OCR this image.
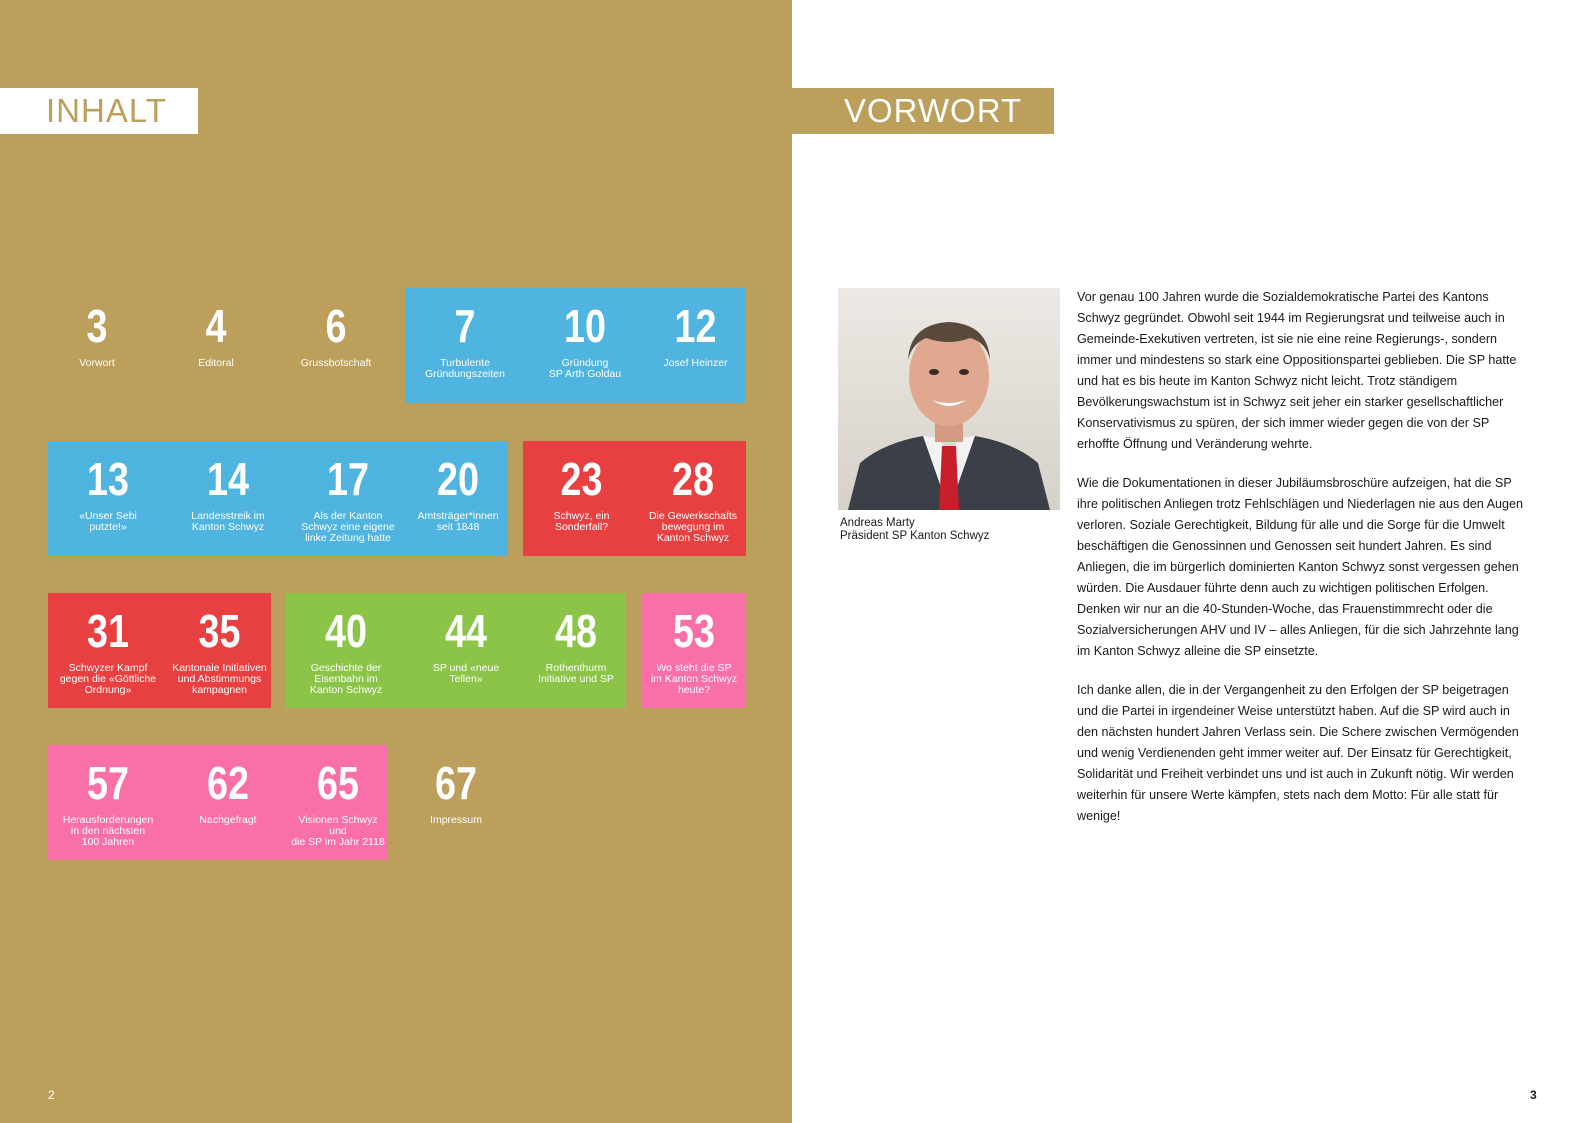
INHALT	VORWORT
3
Vorwort
4
Editoral
6
Grussbotschaft
7
Turbulente
Gründungszeiten
10
Gründung
SP Arth Goldau
12
Josef Heinzer
13
«Unser Sebi
putzte!»
14
Landesstreik im
Kanton Schwyz
17
Als der Kanton
Schwyz eine eigene
linke Zeitung hatte
20
Amtsträger*innen
seit 1848
23
Schwyz, ein
Sonderfall?
28
Die Gewerkschafts
bewegung im
Kanton Schwyz
31
Schwyzer Kampf
gegen die «Göttliche
Ordnung»
35
Kantonale Initiativen
und Abstimmungs
kampagnen
40
Geschichte der
Eisenbahn im
Kanton Schwyz
44
SP und «neue
Tellen»
48
Rothenthurm
Initiative und SP
53
Wo steht die SP
im Kanton Schwyz
heute?
57
Herausforderungen
in den nächsten
100 Jahren
62
Nachgefragt
65
Visionen Schwyz
und
die SP im Jahr 2118
67
Impressum
Andreas Marty
Präsident SP Kanton Schwyz

Vor genau 100 Jahren wurde die Sozialdemokratische Partei des Kantons Schwyz gegründet. Obwohl seit 1944 im Regierungsrat und teilweise auch in Gemeinde-Exekutiven vertreten, ist sie nie eine reine Regierungs-, sondern immer und mindestens so stark eine Oppositionspartei geblieben. Die SP hatte und hat es bis heute im Kanton Schwyz nicht leicht. Trotz ständigem Bevölkerungswachstum ist in Schwyz seit jeher ein starker gesellschaftlicher Konservativismus zu spüren, der sich immer wieder gegen die von der SP erhoffte Öffnung und Veränderung wehrte.

Wie die Dokumentationen in dieser Jubiläumsbroschüre aufzeigen, hat die SP ihre politischen Anliegen trotz Fehlschlägen und Niederlagen nie aus den Augen verloren. Soziale Gerechtigkeit, Bildung für alle und die Sorge für die Umwelt beschäftigen die Genossinnen und Genossen seit hundert Jahren. Es sind Anliegen, die im bürgerlich dominierten Kanton Schwyz sonst vergessen gehen würden. Die Ausdauer führte denn auch zu wichtigen politischen Erfolgen. Denken wir nur an die 40-Stunden-Woche, das Frauenstimmrecht oder die Sozialversicherungen AHV und IV – alles Anliegen, für die sich Jahrzehnte lang im Kanton Schwyz alleine die SP einsetzte.

Ich danke allen, die in der Vergangenheit zu den Erfolgen der SP beigetragen und die Partei in irgendeiner Weise unterstützt haben. Auf die SP wird auch in den nächsten hundert Jahren Verlass sein. Die Schere zwischen Vermögenden und wenig Verdienenden geht immer weiter auf. Der Einsatz für Gerechtigkeit, Solidarität und Freiheit verbindet uns und ist auch in Zukunft nötig. Wir werden weiterhin für unsere Werte kämpfen, stets nach dem Motto: Für alle statt für wenige!

2	3
